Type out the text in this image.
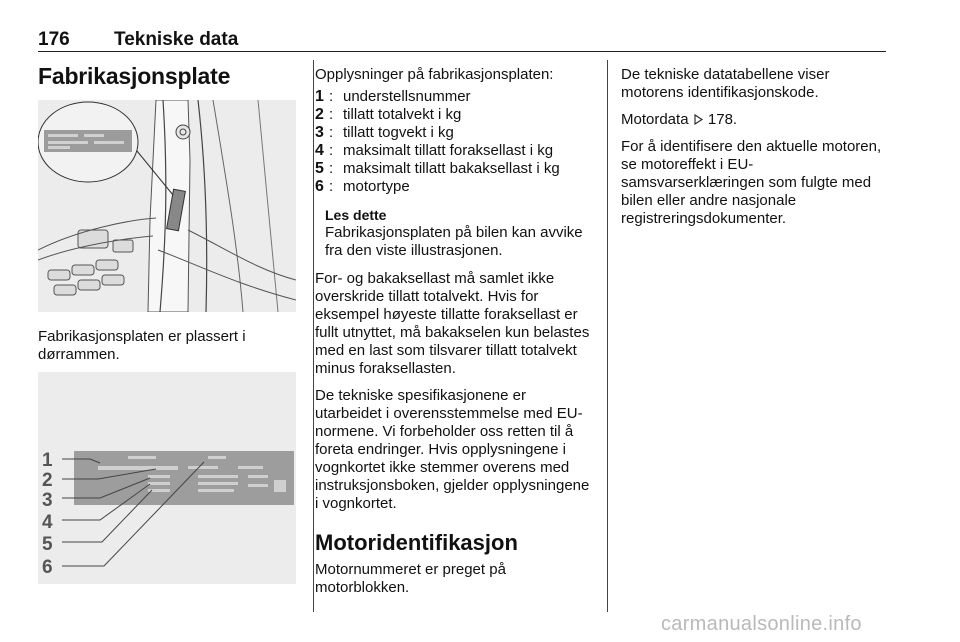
176 Tekniske data
Fabrikasjonsplate
Fabrikasjonsplaten er plassert i dørrammen.
1
2
3
4
5
6

Opplysninger på fabrikasjonsplaten:

1 : understellsnummer
2 : tillatt totalvekt i kg
3 : tillatt togvekt i kg
4 : maksimalt tillatt foraksellast i kg
5 : maksimalt tillatt bakaksellast i kg
6 : motortype
Les dette
Fabrikasjonsplaten på bilen kan avvike fra den viste illustrasjonen.

For- og bakaksellast må samlet ikke overskride tillatt totalvekt. Hvis for eksempel høyeste tillatte foraksellast er fullt utnyttet, må bakakselen kun belastes med en last som tilsvarer tillatt totalvekt minus foraksellasten.

De tekniske spesifikasjonene er utarbeidet i overensstemmelse med EU-normene. Vi forbeholder oss retten til å foreta endringer. Hvis opplysningene i vognkortet ikke stemmer overens med instruksjonsboken, gjelder opplysningene i vognkortet.

Motoridentifikasjon

Motornummeret er preget på motorblokken.

De tekniske datatabellene viser motorens identifikasjonskode.

Motordata 178.

For å identifisere den aktuelle motoren, se motoreffekt i EU-samsvarserklæringen som fulgte med bilen eller andre nasjonale registreringsdokumenter.

carmanualsonline.info
